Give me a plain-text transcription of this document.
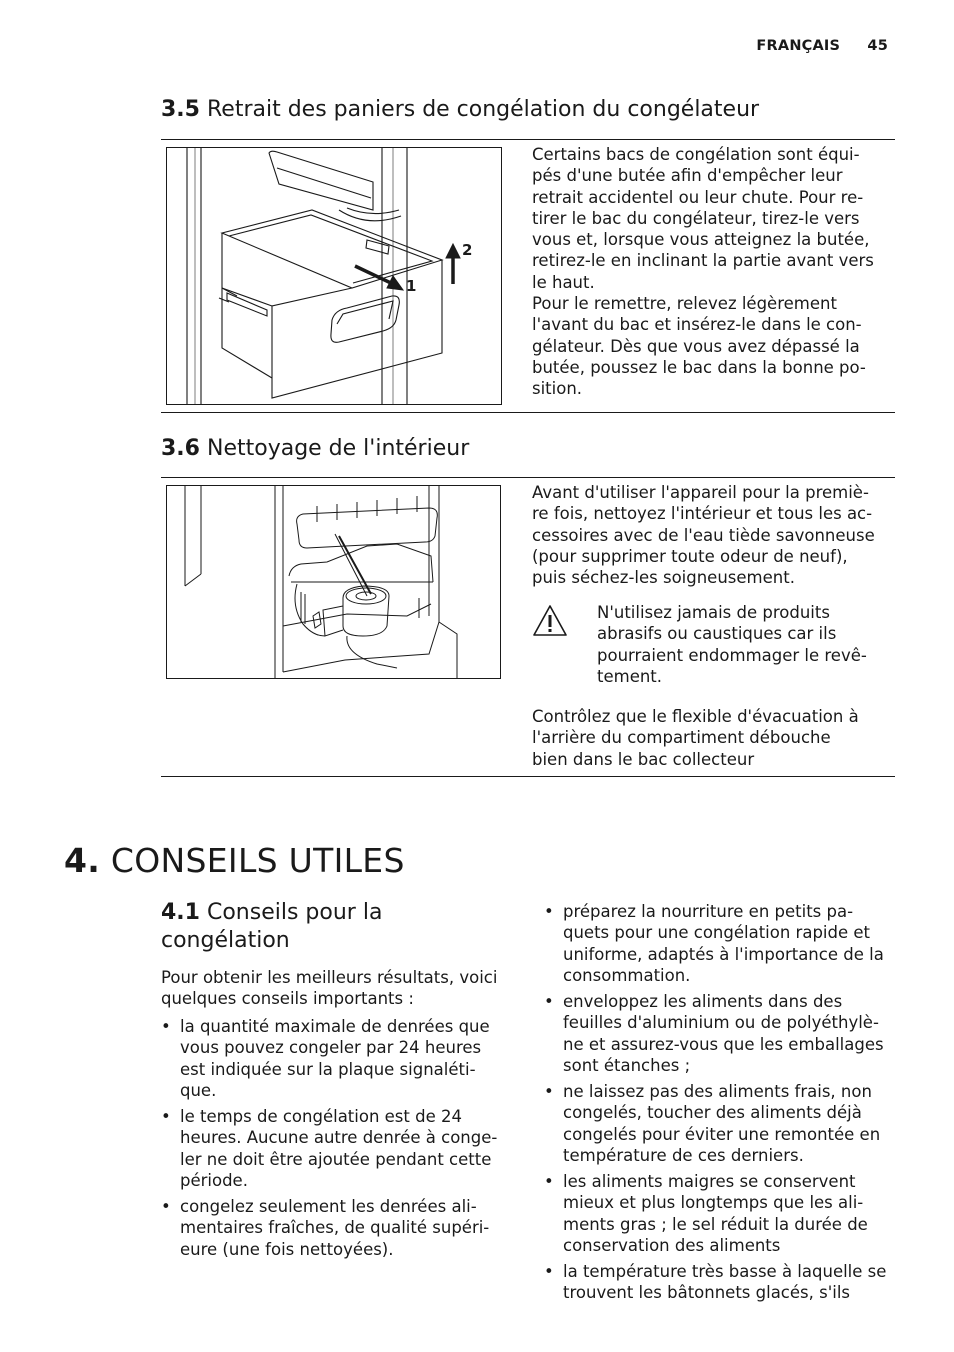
FRANÇAIS 45
3.5 Retrait des paniers de congélation du congélateur
1
2
Certains bacs de congélation sont équi-
pés d'une butée afin d'empêcher leur
retrait accidentel ou leur chute. Pour re-
tirer le bac du congélateur, tirez-le vers
vous et, lorsque vous atteignez la butée,
retirez-le en inclinant la partie avant vers
le haut.
Pour le remettre, relevez légèrement
l'avant du bac et insérez-le dans le con-
gélateur. Dès que vous avez dépassé la
butée, poussez le bac dans la bonne po-
sition.
3.6 Nettoyage de l'intérieur
Avant d'utiliser l'appareil pour la premiè-
re fois, nettoyez l'intérieur et tous les ac-
cessoires avec de l'eau tiède savonneuse
(pour supprimer toute odeur de neuf),
puis séchez-les soigneusement.
N'utilisez jamais de produits
abrasifs ou caustiques car ils
pourraient endommager le revê-
tement.
Contrôlez que le flexible d'évacuation à
l'arrière du compartiment débouche
bien dans le bac collecteur
4. CONSEILS UTILES
4.1 Conseils pour la
congélation
Pour obtenir les meilleurs résultats, voici
quelques conseils importants :
• la quantité maximale de denrées que
vous pouvez congeler par 24 heures
est indiquée sur la plaque signaléti-
que.
• le temps de congélation est de 24
heures. Aucune autre denrée à conge-
ler ne doit être ajoutée pendant cette
période.
• congelez seulement les denrées ali-
mentaires fraîches, de qualité supéri-
eure (une fois nettoyées).
• préparez la nourriture en petits pa-
quets pour une congélation rapide et
uniforme, adaptés à l'importance de la
consommation.
• enveloppez les aliments dans des
feuilles d'aluminium ou de polyéthylè-
ne et assurez-vous que les emballages
sont étanches ;
• ne laissez pas des aliments frais, non
congelés, toucher des aliments déjà
congelés pour éviter une remontée en
température de ces derniers.
• les aliments maigres se conservent
mieux et plus longtemps que les ali-
ments gras ; le sel réduit la durée de
conservation des aliments
• la température très basse à laquelle se
trouvent les bâtonnets glacés, s'ils
